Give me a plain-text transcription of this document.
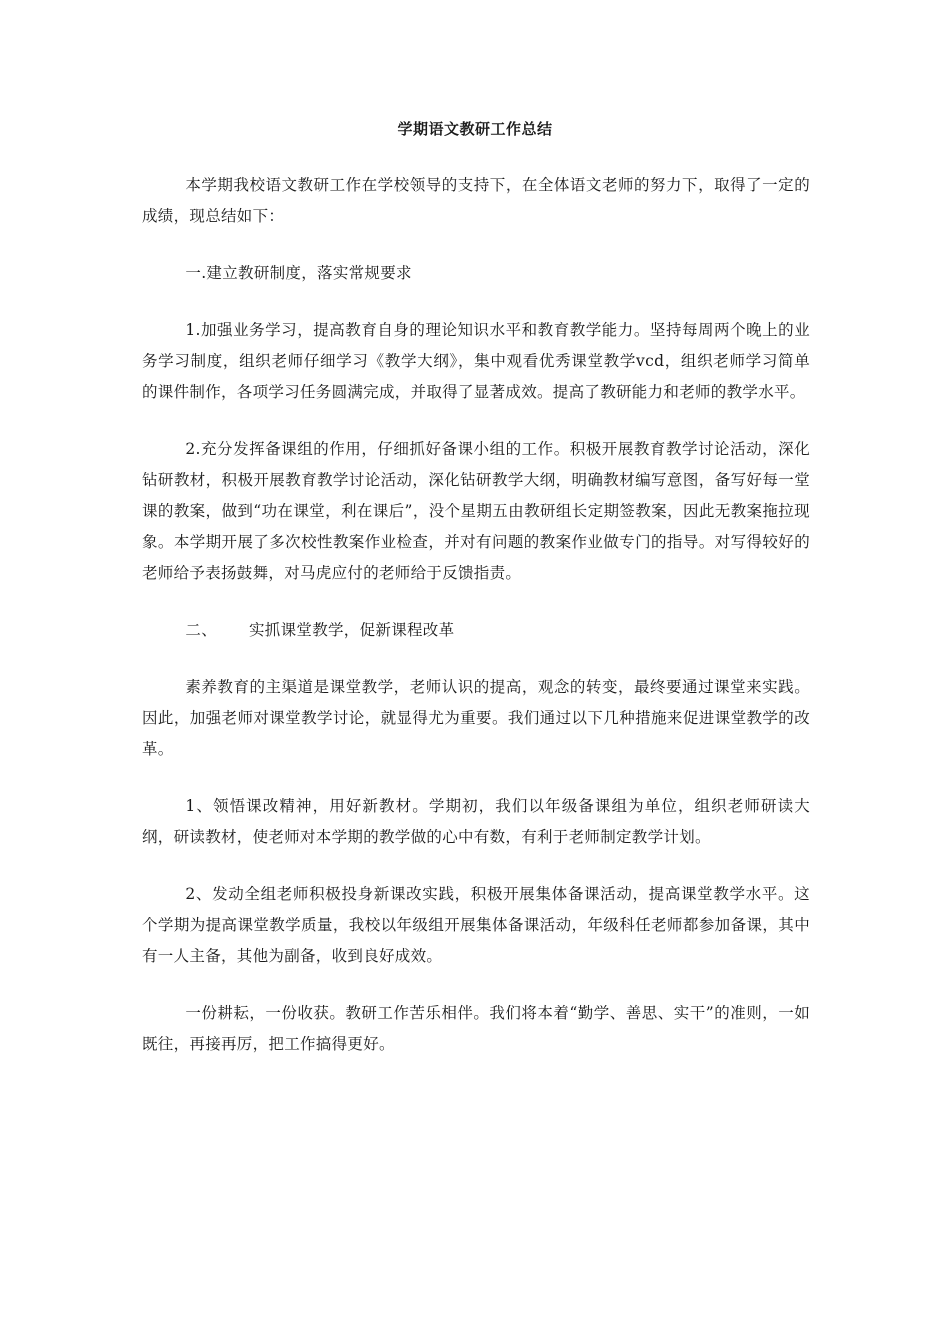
学期语文教研工作总结

本学期我校语文教研工作在学校领导的支持下，在全体语文老师的努力下，取得了一定的成绩，现总结如下：

一.建立教研制度，落实常规要求

1.加强业务学习，提高教育自身的理论知识水平和教育教学能力。坚持每周两个晚上的业务学习制度，组织老师仔细学习《教学大纲》，集中观看优秀课堂教学vcd，组织老师学习简单的课件制作，各项学习任务圆满完成，并取得了显著成效。提高了教研能力和老师的教学水平。

2.充分发挥备课组的作用，仔细抓好备课小组的工作。积极开展教育教学讨论活动，深化钻研教材，积极开展教育教学讨论活动，深化钻研教学大纲，明确教材编写意图，备写好每一堂课的教案，做到“功在课堂，利在课后”，没个星期五由教研组长定期签教案，因此无教案拖拉现象。本学期开展了多次校性教案作业检查，并对有问题的教案作业做专门的指导。对写得较好的老师给予表扬鼓舞，对马虎应付的老师给于反馈指责。

二、 实抓课堂教学，促新课程改革

素养教育的主渠道是课堂教学，老师认识的提高，观念的转变，最终要通过课堂来实践。因此，加强老师对课堂教学讨论，就显得尤为重要。我们通过以下几种措施来促进课堂教学的改革。

1、领悟课改精神，用好新教材。学期初，我们以年级备课组为单位，组织老师研读大纲，研读教材，使老师对本学期的教学做的心中有数，有利于老师制定教学计划。

2、发动全组老师积极投身新课改实践，积极开展集体备课活动，提高课堂教学水平。这个学期为提高课堂教学质量，我校以年级组开展集体备课活动，年级科任老师都参加备课，其中有一人主备，其他为副备，收到良好成效。

一份耕耘，一份收获。教研工作苦乐相伴。我们将本着“勤学、善思、实干”的准则，一如既往，再接再厉，把工作搞得更好。
